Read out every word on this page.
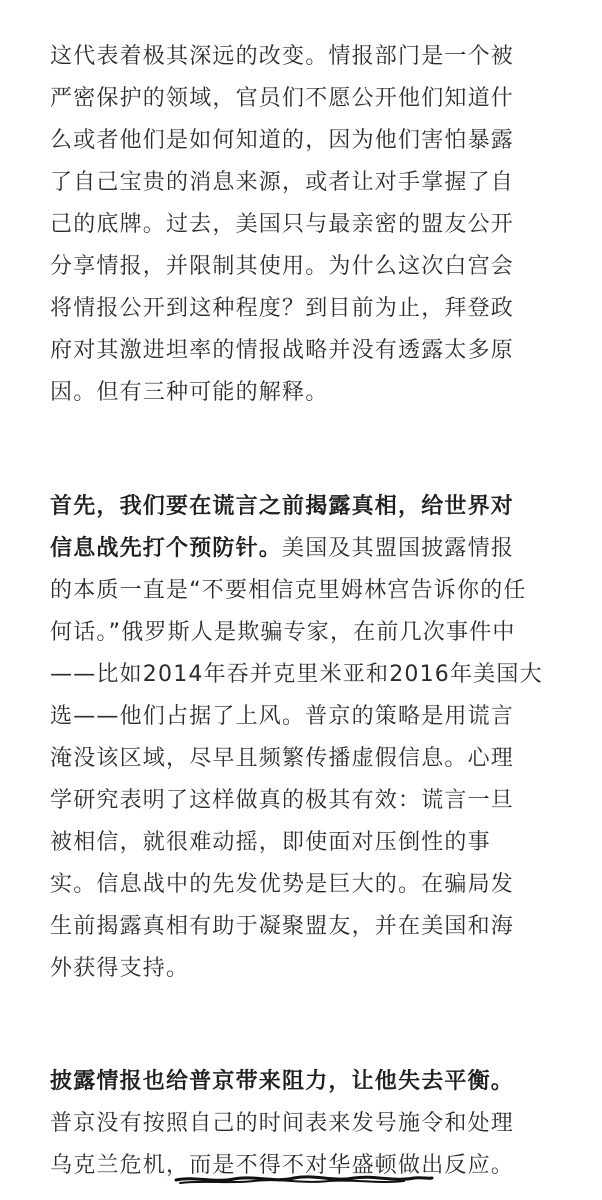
这代表着极其深远的改变。情报部门是一个被
严密保护的领域，官员们不愿公开他们知道什
么或者他们是如何知道的，因为他们害怕暴露
了自己宝贵的消息来源，或者让对手掌握了自
己的底牌。过去，美国只与最亲密的盟友公开
分享情报，并限制其使用。为什么这次白宫会
将情报公开到这种程度？到目前为止，拜登政
府对其激进坦率的情报战略并没有透露太多原
因。但有三种可能的解释。
首先，我们要在谎言之前揭露真相，给世界对
信息战先打个预防针。美国及其盟国披露情报
的本质一直是“不要相信克里姆林宫告诉你的任
何话。”俄罗斯人是欺骗专家，在前几次事件中
——比如2014年吞并克里米亚和2016年美国大
选——他们占据了上风。普京的策略是用谎言
淹没该区域，尽早且频繁传播虚假信息。心理
学研究表明了这样做真的极其有效：谎言一旦
被相信，就很难动摇，即使面对压倒性的事
实。信息战中的先发优势是巨大的。在骗局发
生前揭露真相有助于凝聚盟友，并在美国和海
外获得支持。
披露情报也给普京带来阻力，让他失去平衡。
普京没有按照自己的时间表来发号施令和处理
乌克兰危机，而是不得不对华盛顿做出反应。
